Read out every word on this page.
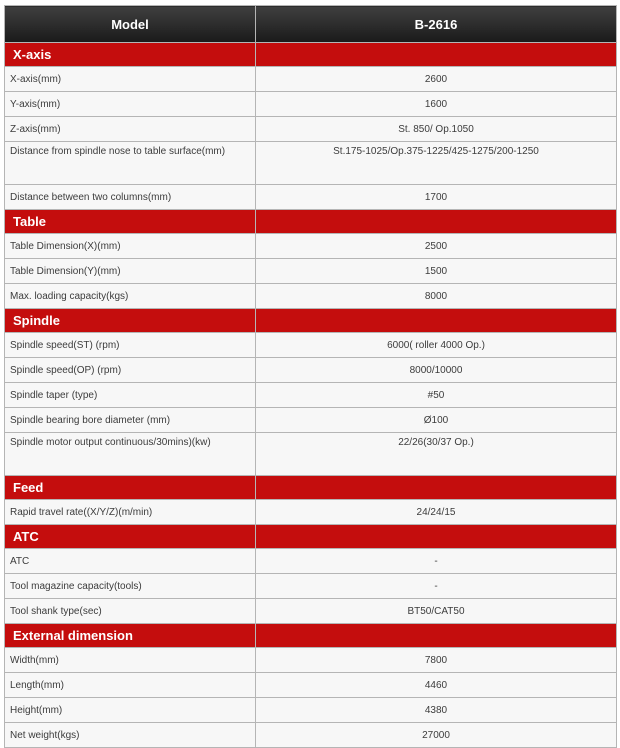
Model	B-2616
X-axis	
X-axis(mm)	2600
Y-axis(mm)	1600
Z-axis(mm)	St. 850/ Op.1050
Distance from spindle nose to table surface(mm)	St.175-1025/Op.375-1225/425-1275/200-1250
Distance between two columns(mm)	1700
Table	
Table Dimension(X)(mm)	2500
Table Dimension(Y)(mm)	1500
Max. loading capacity(kgs)	8000
Spindle	
Spindle speed(ST) (rpm)	6000( roller 4000 Op.)
Spindle speed(OP) (rpm)	8000/10000
Spindle taper (type)	#50
Spindle bearing bore diameter (mm)	Ø100
Spindle motor output continuous/30mins)(kw)	22/26(30/37 Op.)
Feed	
Rapid travel rate((X/Y/Z)(m/min)	24/24/15
ATC	
ATC	-
Tool magazine capacity(tools)	-
Tool shank type(sec)	BT50/CAT50
External dimension	
Width(mm)	7800
Length(mm)	4460
Height(mm)	4380
Net weight(kgs)	27000
